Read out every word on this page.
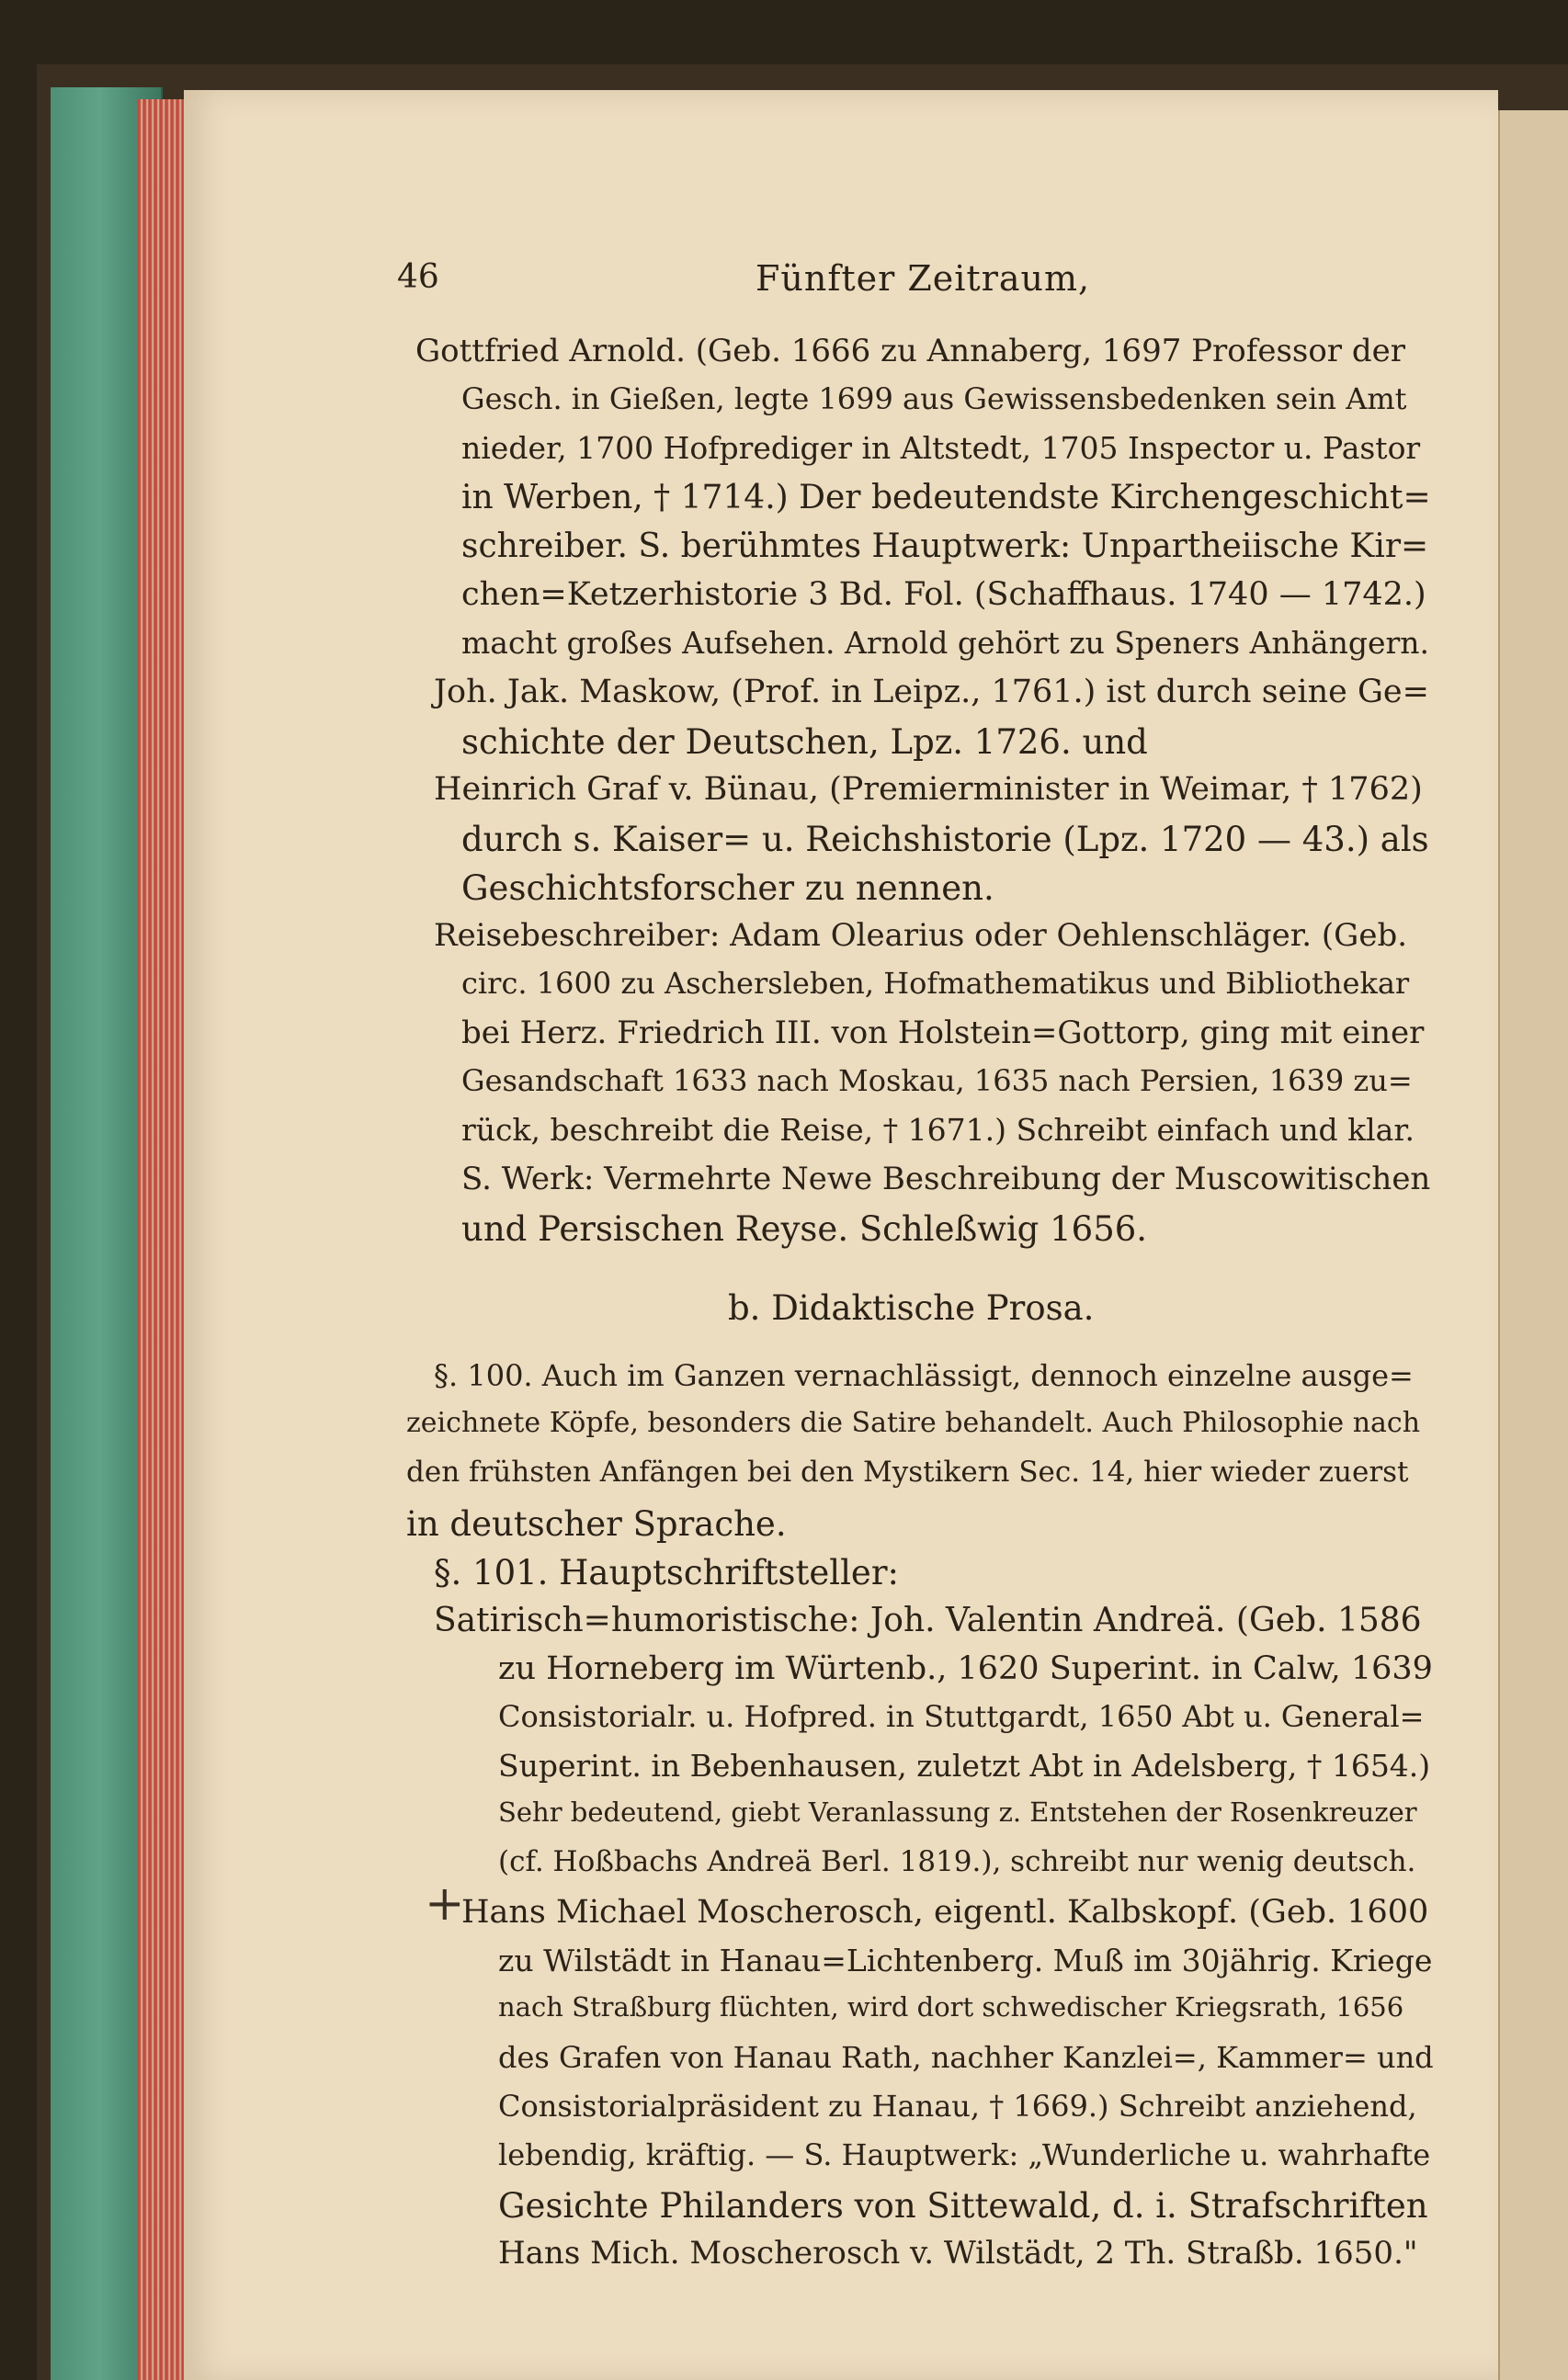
46	Fünfter Zeitraum,
Gottfried Arnold. (Geb. 1666 zu Annaberg, 1697 Professor der
Gesch. in Gießen, legte 1699 aus Gewissensbedenken sein Amt
nieder, 1700 Hofprediger in Altstedt, 1705 Inspector u. Pastor
in Werben, † 1714.) Der bedeutendste Kirchengeschicht=
schreiber. S. berühmtes Hauptwerk: Unpartheiische Kir=
chen=Ketzerhistorie 3 Bd. Fol. (Schaffhaus. 1740 — 1742.)
macht großes Aufsehen. Arnold gehört zu Speners Anhängern.
Joh. Jak. Maskow, (Prof. in Leipz., 1761.) ist durch seine Ge=
schichte der Deutschen, Lpz. 1726. und
Heinrich Graf v. Bünau, (Premierminister in Weimar, † 1762)
durch s. Kaiser= u. Reichshistorie (Lpz. 1720 — 43.) als
Geschichtsforscher zu nennen.
Reisebeschreiber: Adam Olearius oder Oehlenschläger. (Geb.
circ. 1600 zu Aschersleben, Hofmathematikus und Bibliothekar
bei Herz. Friedrich III. von Holstein=Gottorp, ging mit einer
Gesandschaft 1633 nach Moskau, 1635 nach Persien, 1639 zu=
rück, beschreibt die Reise, † 1671.) Schreibt einfach und klar.
S. Werk: Vermehrte Newe Beschreibung der Muscowitischen
und Persischen Reyse. Schleßwig 1656.
b. Didaktische Prosa.
§. 100. Auch im Ganzen vernachlässigt, dennoch einzelne ausge=
zeichnete Köpfe, besonders die Satire behandelt. Auch Philosophie nach
den frühsten Anfängen bei den Mystikern Sec. 14, hier wieder zuerst
in deutscher Sprache.
§. 101. Hauptschriftsteller:
Satirisch=humoristische: Joh. Valentin Andreä. (Geb. 1586
zu Horneberg im Würtenb., 1620 Superint. in Calw, 1639
Consistorialr. u. Hofpred. in Stuttgardt, 1650 Abt u. General=
Superint. in Bebenhausen, zuletzt Abt in Adelsberg, † 1654.)
Sehr bedeutend, giebt Veranlassung z. Entstehen der Rosenkreuzer
(cf. Hoßbachs Andreä Berl. 1819.), schreibt nur wenig deutsch.
Hans Michael Moscherosch, eigentl. Kalbskopf. (Geb. 1600
zu Wilstädt in Hanau=Lichtenberg. Muß im 30jährig. Kriege
nach Straßburg flüchten, wird dort schwedischer Kriegsrath, 1656
des Grafen von Hanau Rath, nachher Kanzlei=, Kammer= und
Consistorialpräsident zu Hanau, † 1669.) Schreibt anziehend,
lebendig, kräftig. — S. Hauptwerk: „Wunderliche u. wahrhafte
Gesichte Philanders von Sittewald, d. i. Strafschriften
Hans Mich. Moscherosch v. Wilstädt, 2 Th. Straßb. 1650."
+
